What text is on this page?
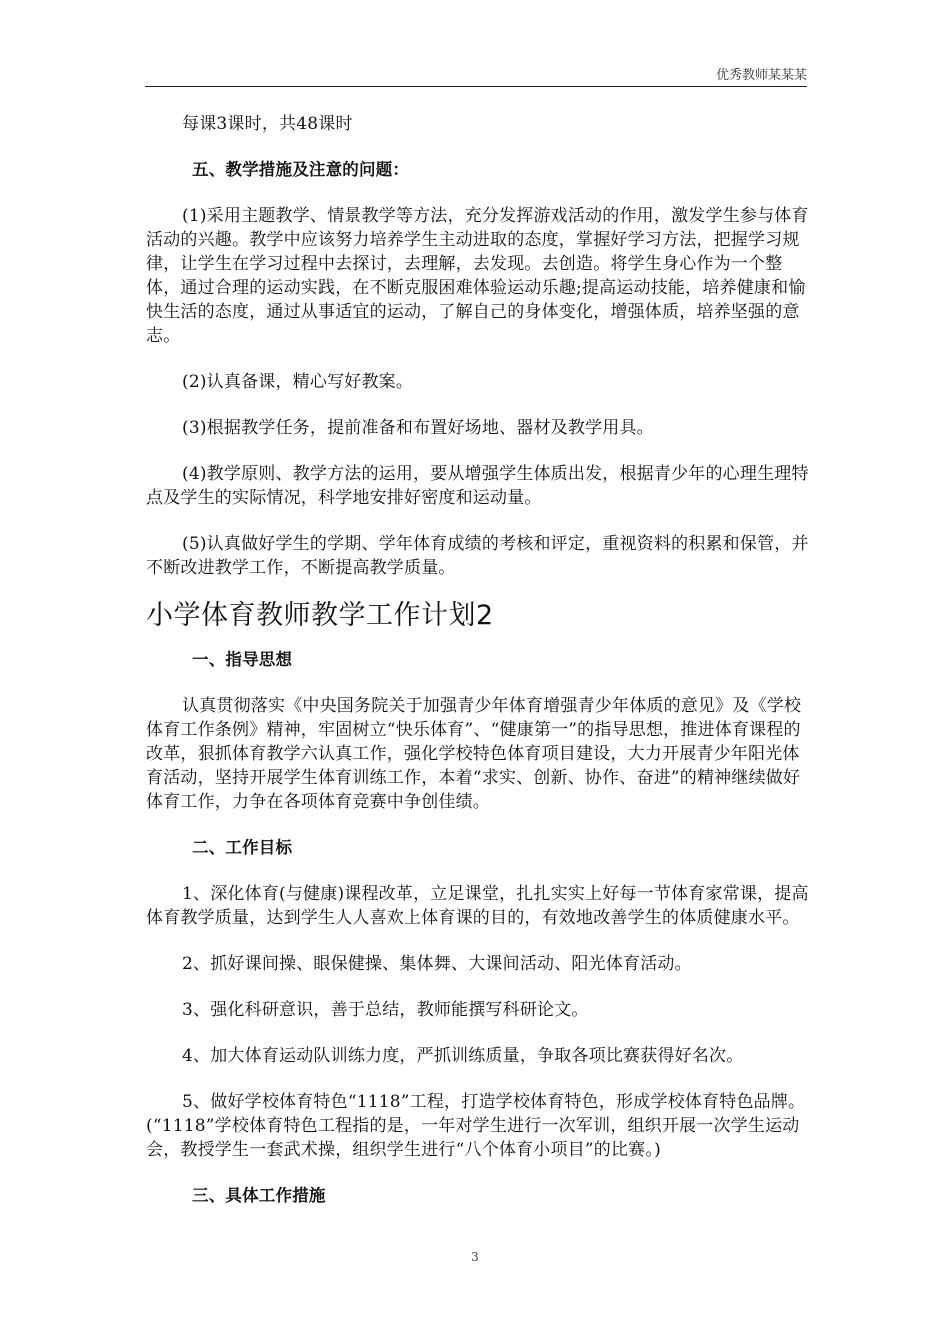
优秀教师某某某

每课3课时，共48课时

五、教学措施及注意的问题：

(1)采用主题教学、情景教学等方法，充分发挥游戏活动的作用，激发学生参与体育活动的兴趣。教学中应该努力培养学生主动进取的态度，掌握好学习方法，把握学习规律，让学生在学习过程中去探讨，去理解，去发现。去创造。将学生身心作为一个整体，通过合理的运动实践，在不断克服困难体验运动乐趣;提高运动技能，培养健康和愉快生活的态度，通过从事适宜的运动，了解自己的身体变化，增强体质，培养坚强的意志。

(2)认真备课，精心写好教案。

(3)根据教学任务，提前准备和布置好场地、器材及教学用具。

(4)教学原则、教学方法的运用，要从增强学生体质出发，根据青少年的心理生理特点及学生的实际情况，科学地安排好密度和运动量。

(5)认真做好学生的学期、学年体育成绩的考核和评定，重视资料的积累和保管，并不断改进教学工作，不断提高教学质量。

小学体育教师教学工作计划2

一、指导思想

认真贯彻落实《中央国务院关于加强青少年体育增强青少年体质的意见》及《学校体育工作条例》精神，牢固树立“快乐体育”、“健康第一”的指导思想，推进体育课程的改革，狠抓体育教学六认真工作，强化学校特色体育项目建设，大力开展青少年阳光体育活动，坚持开展学生体育训练工作，本着“求实、创新、协作、奋进”的精神继续做好体育工作，力争在各项体育竞赛中争创佳绩。

二、工作目标

1、深化体育(与健康)课程改革，立足课堂，扎扎实实上好每一节体育家常课，提高体育教学质量，达到学生人人喜欢上体育课的目的，有效地改善学生的体质健康水平。

2、抓好课间操、眼保健操、集体舞、大课间活动、阳光体育活动。

3、强化科研意识，善于总结，教师能撰写科研论文。

4、加大体育运动队训练力度，严抓训练质量，争取各项比赛获得好名次。

5、做好学校体育特色“1118”工程，打造学校体育特色，形成学校体育特色品牌。(“1118”学校体育特色工程指的是，一年对学生进行一次军训，组织开展一次学生运动会，教授学生一套武术操，组织学生进行“八个体育小项目”的比赛。)

三、具体工作措施

3
